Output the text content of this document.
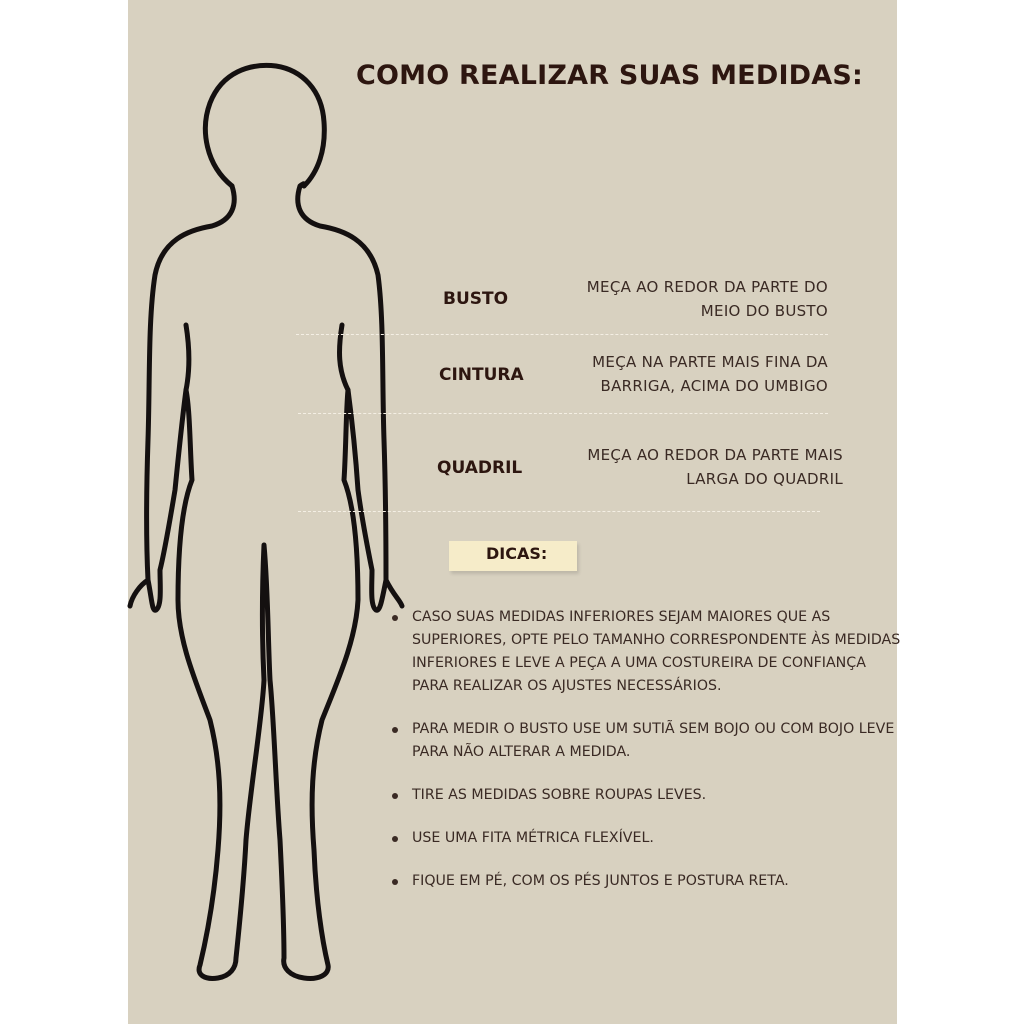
COMO REALIZAR SUAS MEDIDAS:
BUSTO
MEÇA AO REDOR DA PARTE DO
MEIO DO BUSTO
CINTURA
MEÇA NA PARTE MAIS FINA DA
BARRIGA, ACIMA DO UMBIGO
QUADRIL
MEÇA AO REDOR DA PARTE MAIS
LARGA DO QUADRIL
DICAS:
CASO SUAS MEDIDAS INFERIORES SEJAM MAIORES QUE AS SUPERIORES, OPTE PELO TAMANHO CORRESPONDENTE ÀS MEDIDAS INFERIORES E LEVE A PEÇA A UMA COSTUREIRA DE CONFIANÇA PARA REALIZAR OS AJUSTES NECESSÁRIOS.
PARA MEDIR O BUSTO USE UM SUTIÃ SEM BOJO OU COM BOJO LEVE PARA NÃO ALTERAR A MEDIDA.
TIRE AS MEDIDAS SOBRE ROUPAS LEVES.
USE UMA FITA MÉTRICA FLEXÍVEL.
FIQUE EM PÉ, COM OS PÉS JUNTOS E POSTURA RETA.
